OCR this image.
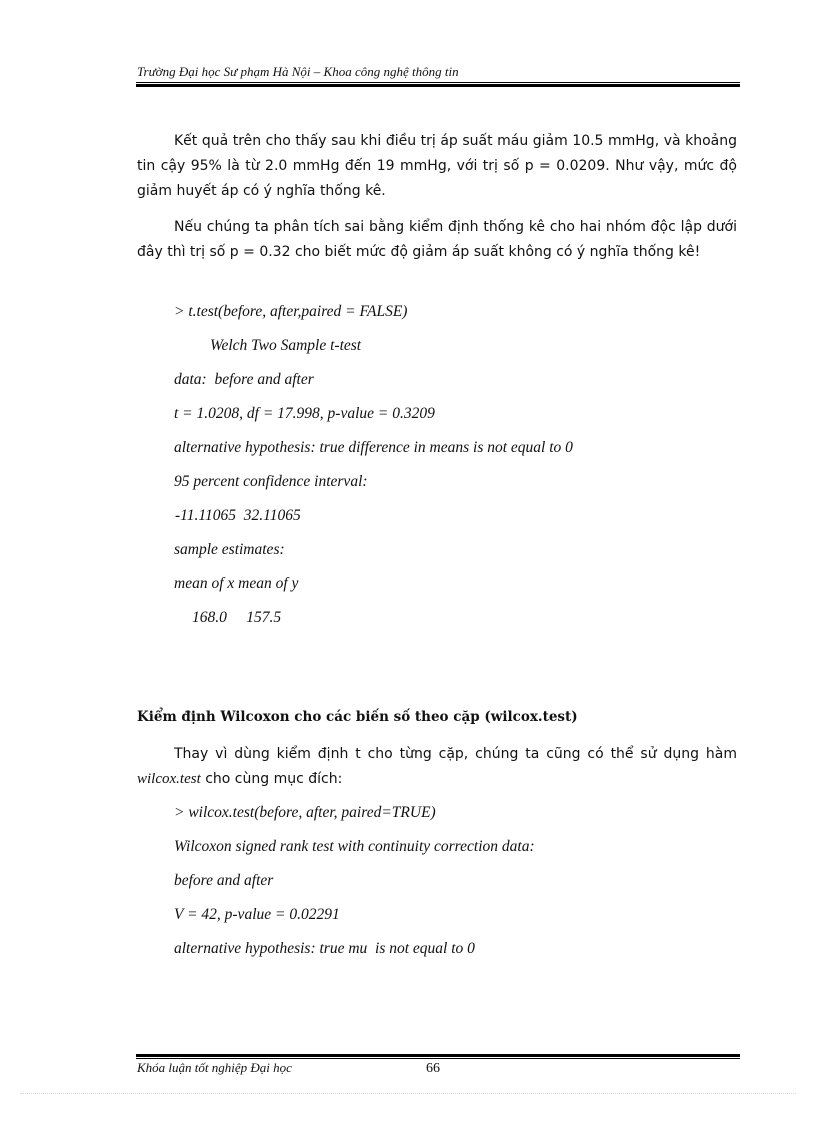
Trường Đại học Sư phạm Hà Nội – Khoa công nghệ thông tin
Kết quả trên cho thấy sau khi điều trị áp suất máu giảm 10.5 mmHg, và khoảng tin cậy 95% là từ 2.0 mmHg đến 19 mmHg, với trị số p = 0.0209. Như vậy, mức độ giảm huyết áp có ý nghĩa thống kê.
Nếu chúng ta phân tích sai bằng kiểm định thống kê cho hai nhóm độc lập dưới đây thì trị số p = 0.32 cho biết mức độ giảm áp suất không có ý nghĩa thống kê!
> t.test(before, after,paired = FALSE)
Welch Two Sample t-test
data:  before and after
t = 1.0208, df = 17.998, p-value = 0.3209
alternative hypothesis: true difference in means is not equal to 0
95 percent confidence interval:
-11.11065  32.11065
sample estimates:
mean of x mean of y
168.0     157.5
Kiểm định Wilcoxon cho các biến số theo cặp (wilcox.test)
Thay vì dùng kiểm định t cho từng cặp, chúng ta cũng có thể sử dụng hàm wilcox.test cho cùng mục đích:
> wilcox.test(before, after, paired=TRUE)
Wilcoxon signed rank test with continuity correction data:
before and after
V = 42, p-value = 0.02291
alternative hypothesis: true mu  is not equal to 0
Khóa luận tốt nghiệp Đại học	66
